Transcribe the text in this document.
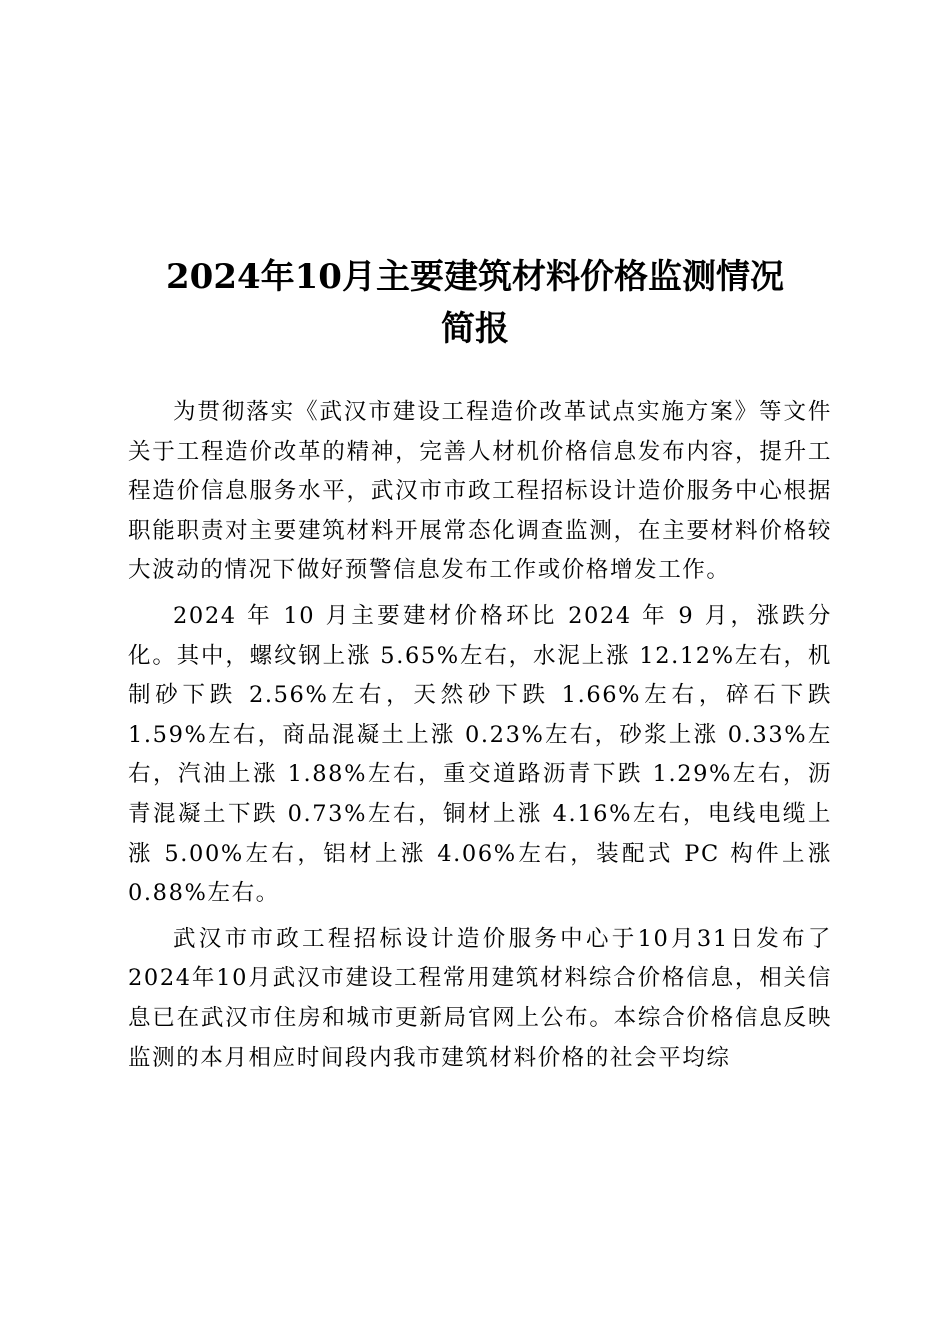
2024年10月主要建筑材料价格监测情况
简报

为贯彻落实《武汉市建设工程造价改革试点实施方案》等文件关于工程造价改革的精神，完善人材机价格信息发布内容，提升工程造价信息服务水平，武汉市市政工程招标设计造价服务中心根据职能职责对主要建筑材料开展常态化调查监测，在主要材料价格较大波动的情况下做好预警信息发布工作或价格增发工作。

2024 年 10 月主要建材价格环比 2024 年 9 月，涨跌分化。其中，螺纹钢上涨 5.65%左右，水泥上涨 12.12%左右，机制砂下跌 2.56%左右，天然砂下跌 1.66%左右，碎石下跌 1.59%左右，商品混凝土上涨 0.23%左右，砂浆上涨 0.33%左右，汽油上涨 1.88%左右，重交道路沥青下跌 1.29%左右，沥青混凝土下跌 0.73%左右，铜材上涨 4.16%左右，电线电缆上涨 5.00%左右，铝材上涨 4.06%左右，装配式 PC 构件上涨 0.88%左右。

武汉市市政工程招标设计造价服务中心于10月31日发布了2024年10月武汉市建设工程常用建筑材料综合价格信息，相关信息已在武汉市住房和城市更新局官网上公布。本综合价格信息反映监测的本月相应时间段内我市建筑材料价格的社会平均综
